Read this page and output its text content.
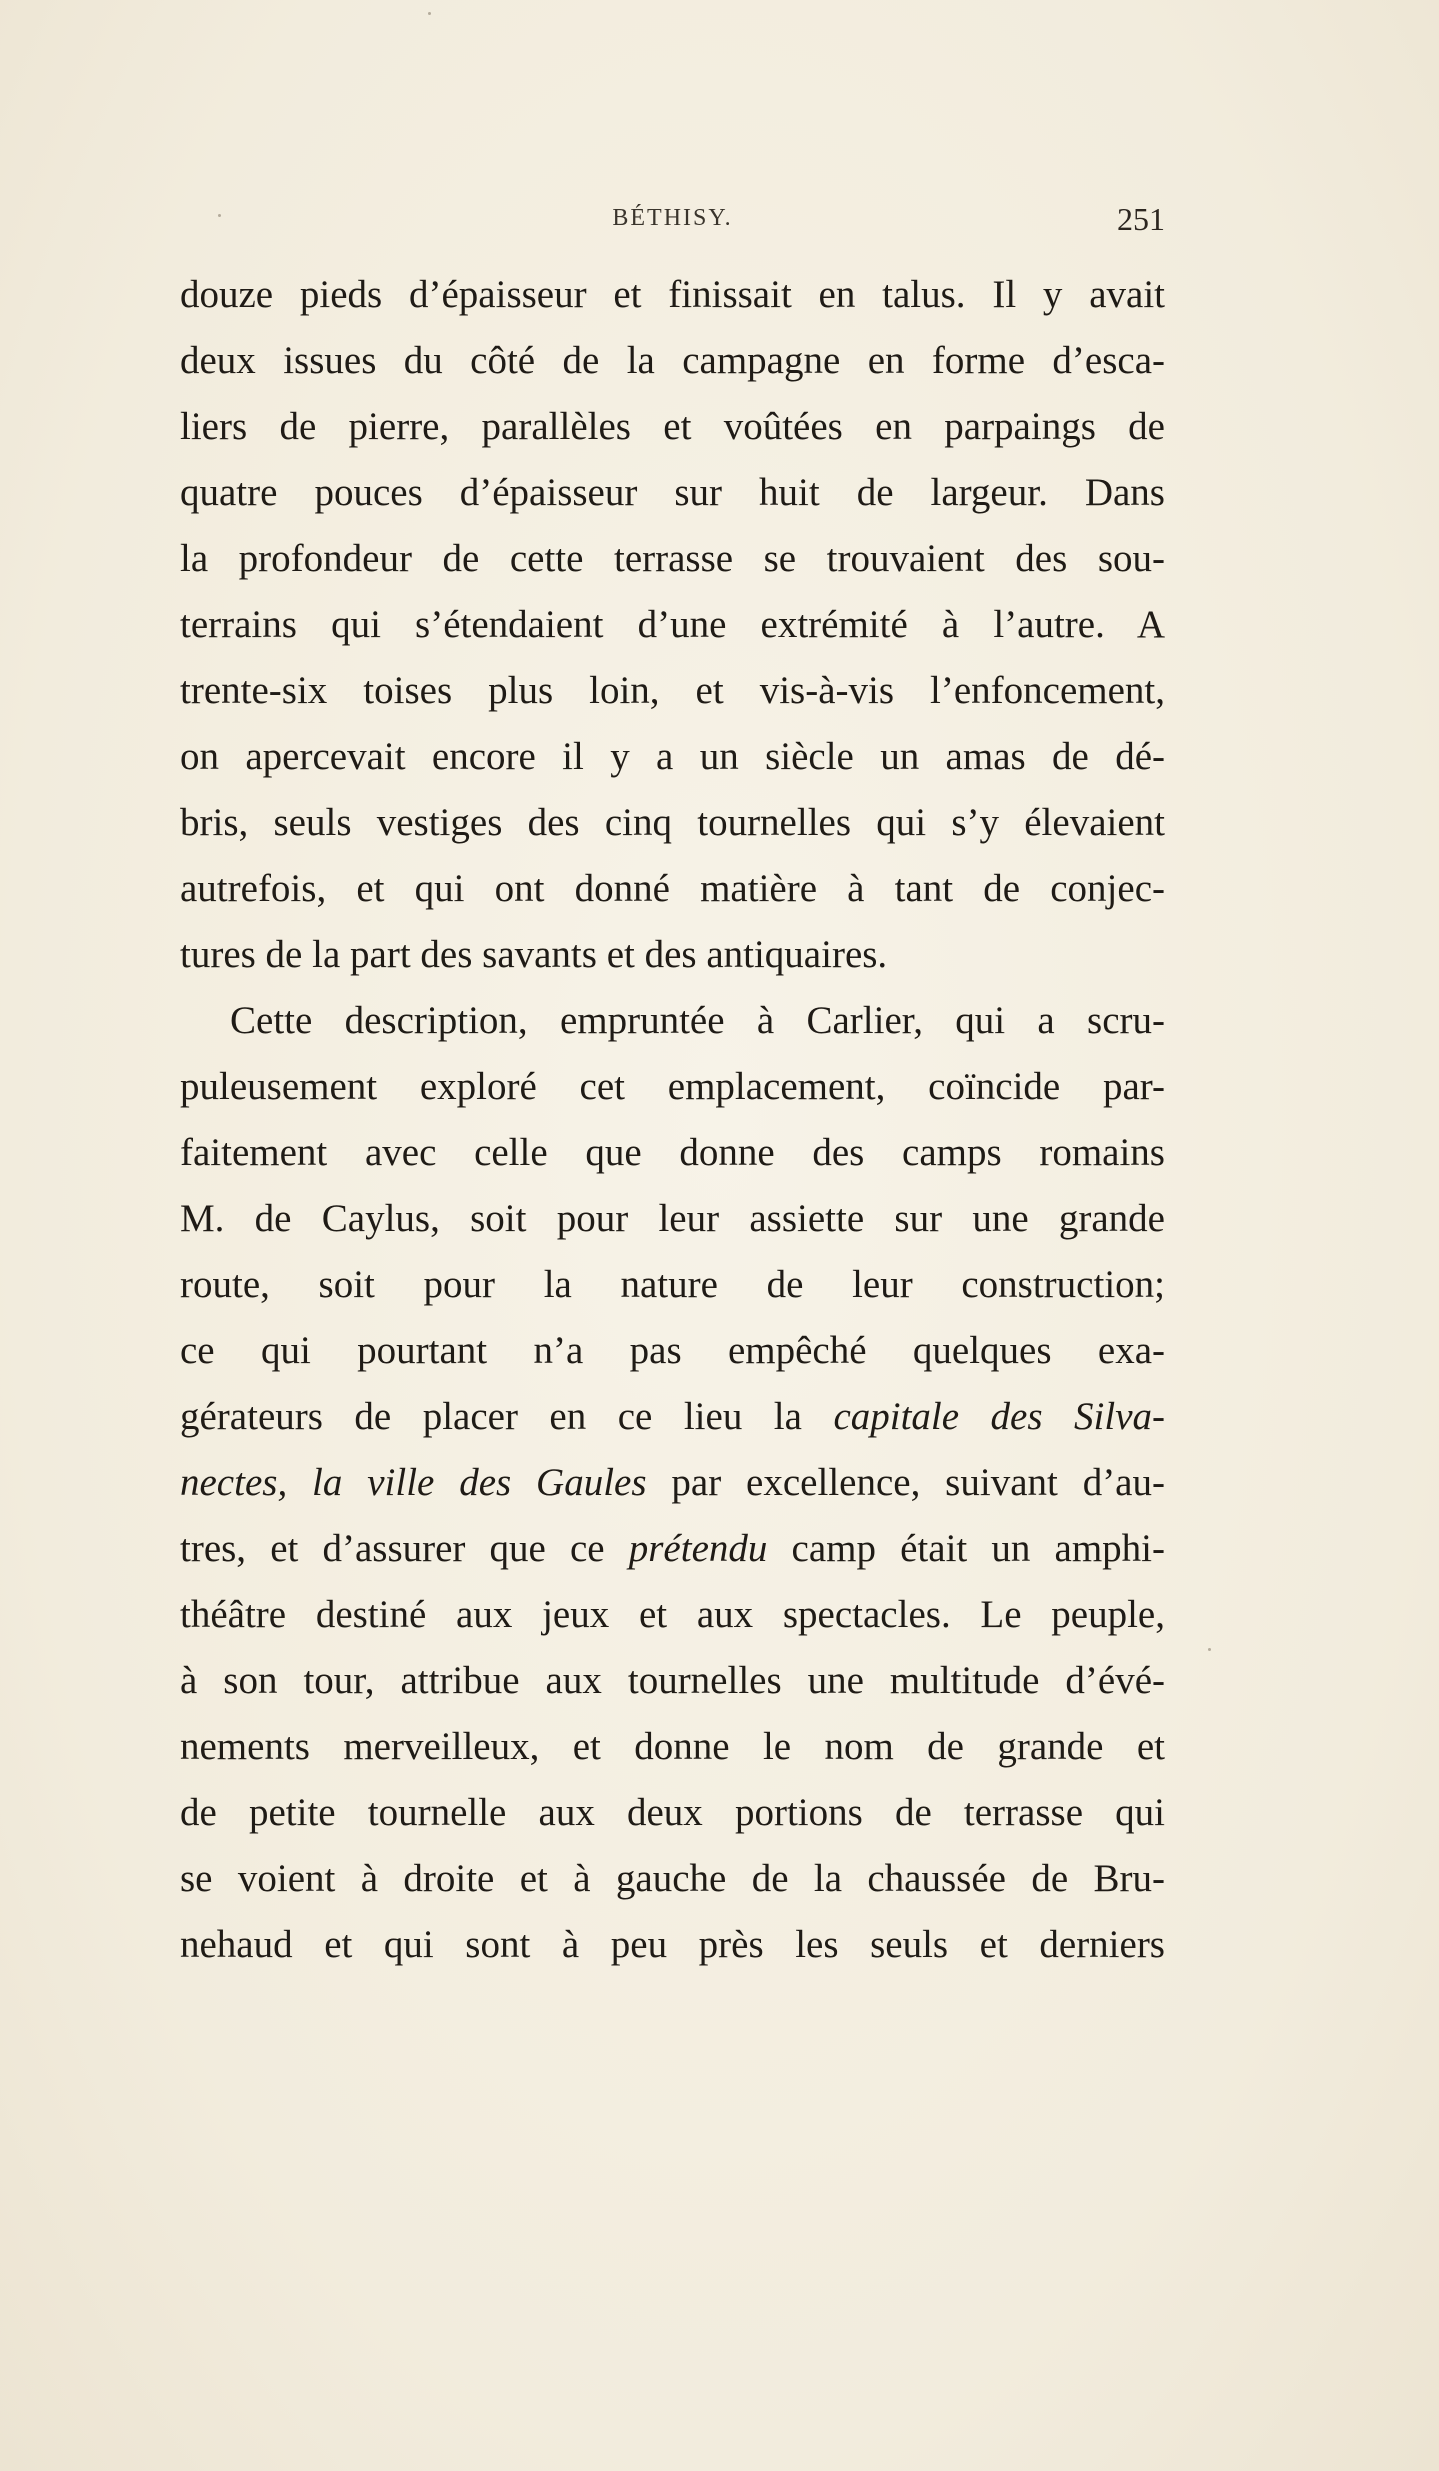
BÉTHISY.	251
douze pieds d’épaisseur et finissait en talus. Il y avait
deux issues du côté de la campagne en forme d’esca-
liers de pierre, parallèles et voûtées en parpaings de
quatre pouces d’épaisseur sur huit de largeur. Dans
la profondeur de cette terrasse se trouvaient des sou-
terrains qui s’étendaient d’une extrémité à l’autre. A
trente-six toises plus loin, et vis-à-vis l’enfoncement,
on apercevait encore il y a un siècle un amas de dé-
bris, seuls vestiges des cinq tournelles qui s’y élevaient
autrefois, et qui ont donné matière à tant de conjec-
tures de la part des savants et des antiquaires.
Cette description, empruntée à Carlier, qui a scru-
puleusement exploré cet emplacement, coïncide par-
faitement avec celle que donne des camps romains
M. de Caylus, soit pour leur assiette sur une grande
route, soit pour la nature de leur construction;
ce qui pourtant n’a pas empêché quelques exa-
gérateurs de placer en ce lieu la capitale des Silva-
nectes, la ville des Gaules par excellence, suivant d’au-
tres, et d’assurer que ce prétendu camp était un amphi-
théâtre destiné aux jeux et aux spectacles. Le peuple,
à son tour, attribue aux tournelles une multitude d’évé-
nements merveilleux, et donne le nom de grande et
de petite tournelle aux deux portions de terrasse qui
se voient à droite et à gauche de la chaussée de Bru-
nehaud et qui sont à peu près les seuls et derniers
